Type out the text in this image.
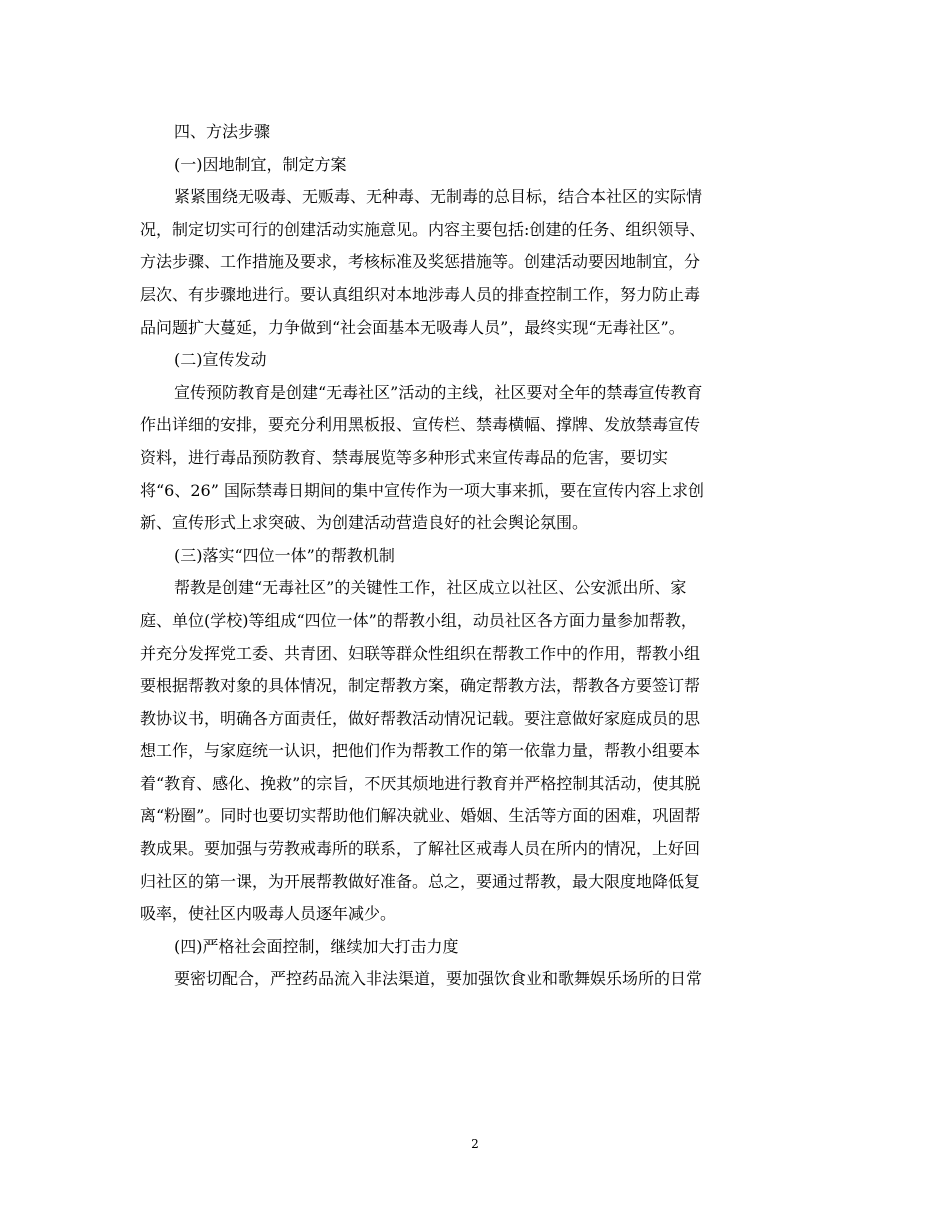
四、方法步骤

(一)因地制宜，制定方案

紧紧围绕无吸毒、无贩毒、无种毒、无制毒的总目标，结合本社区的实际情
况，制定切实可行的创建活动实施意见。内容主要包括:创建的任务、组织领导、
方法步骤、工作措施及要求，考核标准及奖惩措施等。创建活动要因地制宜，分
层次、有步骤地进行。要认真组织对本地涉毒人员的排查控制工作，努力防止毒
品问题扩大蔓延，力争做到“社会面基本无吸毒人员”，最终实现“无毒社区”。

(二)宣传发动

宣传预防教育是创建“无毒社区”活动的主线，社区要对全年的禁毒宣传教育
作出详细的安排，要充分利用黑板报、宣传栏、禁毒横幅、撑牌、发放禁毒宣传
资料，进行毒品预防教育、禁毒展览等多种形式来宣传毒品的危害，要切实
将“6、26” 国际禁毒日期间的集中宣传作为一项大事来抓，要在宣传内容上求创
新、宣传形式上求突破、为创建活动营造良好的社会舆论氛围。

(三)落实“四位一体”的帮教机制

帮教是创建“无毒社区”的关键性工作，社区成立以社区、公安派出所、家
庭、单位(学校)等组成“四位一体”的帮教小组，动员社区各方面力量参加帮教，
并充分发挥党工委、共青团、妇联等群众性组织在帮教工作中的作用，帮教小组
要根据帮教对象的具体情况，制定帮教方案，确定帮教方法，帮教各方要签订帮
教协议书，明确各方面责任，做好帮教活动情况记载。要注意做好家庭成员的思
想工作，与家庭统一认识，把他们作为帮教工作的第一依靠力量，帮教小组要本
着“教育、感化、挽救”的宗旨，不厌其烦地进行教育并严格控制其活动，使其脱
离“粉圈”。同时也要切实帮助他们解决就业、婚姻、生活等方面的困难，巩固帮
教成果。要加强与劳教戒毒所的联系，了解社区戒毒人员在所内的情况，上好回
归社区的第一课，为开展帮教做好准备。总之，要通过帮教，最大限度地降低复
吸率，使社区内吸毒人员逐年减少。

(四)严格社会面控制，继续加大打击力度

要密切配合，严控药品流入非法渠道，要加强饮食业和歌舞娱乐场所的日常

2
